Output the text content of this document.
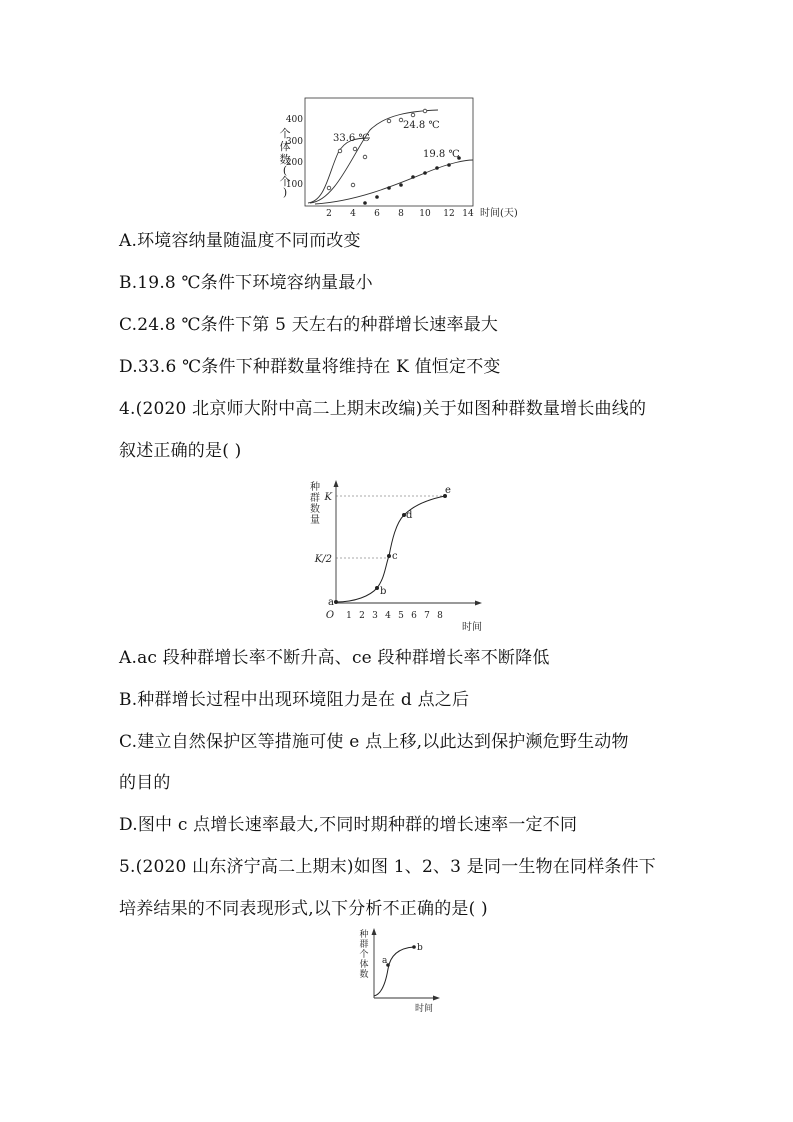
个
体
数
(
个
)
100
200
300
400
2 4 6 8 10 12 14 时间(天)
33.6 ℃
24.8 ℃
19.8 ℃
A.环境容纳量随温度不同而改变
B.19.8 ℃条件下环境容纳量最小
C.24.8 ℃条件下第 5 天左右的种群增长速率最大
D.33.6 ℃条件下种群数量将维持在 K 值恒定不变
4.(2020 北京师大附中高二上期末改编)关于如图种群数量增长曲线的
叙述正确的是( )
种
群
数
量
K
K/2
O 1 2 3 4 5 6 7 8
时间
a
b
c
d
e
A.ac 段种群增长率不断升高、ce 段种群增长率不断降低
B.种群增长过程中出现环境阻力是在 d 点之后
C.建立自然保护区等措施可使 e 点上移,以此达到保护濒危野生动物
的目的
D.图中 c 点增长速率最大,不同时期种群的增长速率一定不同
5.(2020 山东济宁高二上期末)如图 1、2、3 是同一生物在同样条件下
培养结果的不同表现形式,以下分析不正确的是( )
种
群
个
体
数
a
b
时间
